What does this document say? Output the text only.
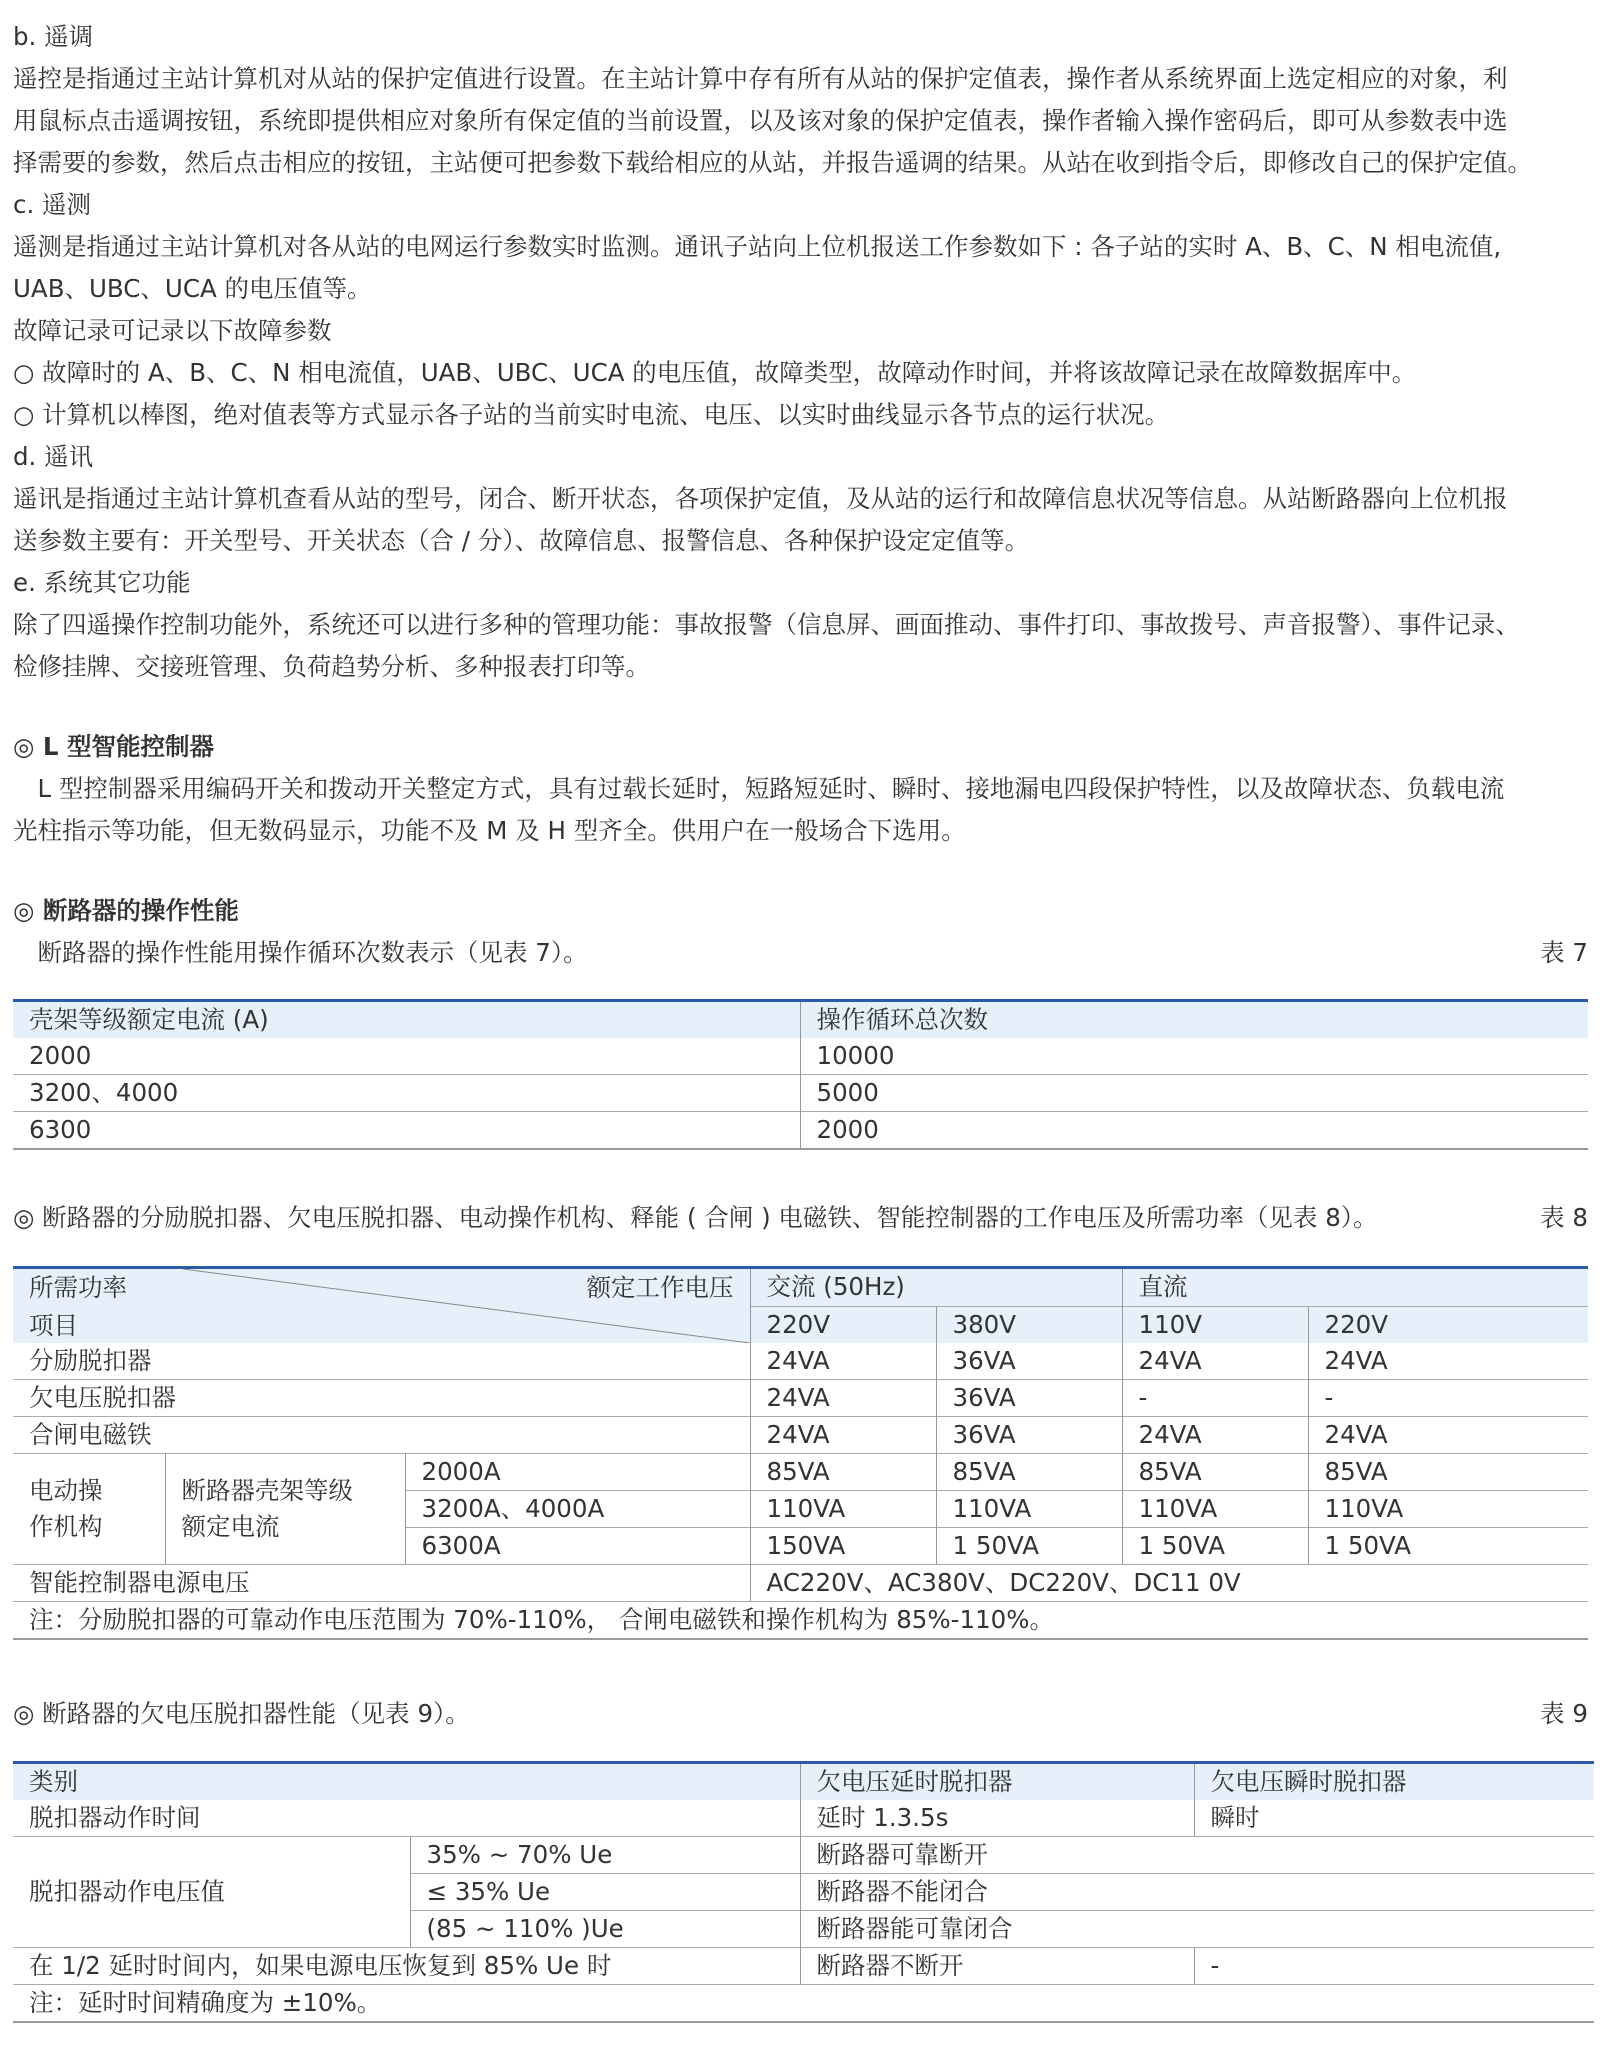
b. 遥调

遥控是指通过主站计算机对从站的保护定值进行设置。在主站计算中存有所有从站的保护定值表，操作者从系统界面上选定相应的对象，利

用鼠标点击遥调按钮，系统即提供相应对象所有保定值的当前设置，以及该对象的保护定值表，操作者输入操作密码后，即可从参数表中选

择需要的参数，然后点击相应的按钮，主站便可把参数下载给相应的从站，并报告遥调的结果。从站在收到指令后，即修改自己的保护定值。

c. 遥测

遥测是指通过主站计算机对各从站的电网运行参数实时监测。通讯子站向上位机报送工作参数如下 : 各子站的实时 A、B、C、N 相电流值,

UAB、UBC、UCA 的电压值等。

故障记录可记录以下故障参数

○ 故障时的 A、B、C、N 相电流值，UAB、UBC、UCA 的电压值，故障类型，故障动作时间，并将该故障记录在故障数据库中。

○ 计算机以棒图，绝对值表等方式显示各子站的当前实时电流、电压、以实时曲线显示各节点的运行状况。

d. 遥讯

遥讯是指通过主站计算机查看从站的型号，闭合、断开状态，各项保护定值，及从站的运行和故障信息状况等信息。从站断路器向上位机报

送参数主要有：开关型号、开关状态（合 / 分）、故障信息、报警信息、各种保护设定定值等。

e. 系统其它功能

除了四遥操作控制功能外，系统还可以进行多种的管理功能：事故报警（信息屏、画面推动、事件打印、事故拨号、声音报警）、事件记录、

检修挂牌、交接班管理、负荷趋势分析、多种报表打印等。

◎ L 型智能控制器

　L 型控制器采用编码开关和拨动开关整定方式，具有过载长延时，短路短延时、瞬时、接地漏电四段保护特性，以及故障状态、负载电流

光柱指示等功能，但无数码显示，功能不及 M 及 H 型齐全。供用户在一般场合下选用。

◎ 断路器的操作性能

　断路器的操作性能用操作循环次数表示（见表 7）。	表 7
壳架等级额定电流 (A)	操作循环总次数
2000	10000
3200、4000	5000
6300	2000
◎ 断路器的分励脱扣器、欠电压脱扣器、电动操作机构、释能 ( 合闸 ) 电磁铁、智能控制器的工作电压及所需功率（见表 8）。	表 8
所需功率 额定工作电压
项目			交流 (50Hz)		直流	
			220V	380V	110V	220V
分励脱扣器			24VA	36VA	24VA	24VA
欠电压脱扣器			24VA	36VA	-	-
合闸电磁铁			24VA	36VA	24VA	24VA
电动操
作机构	断路器壳架等级
额定电流	2000A	85VA	85VA	85VA	85VA
		3200A、4000A	110VA	110VA	110VA	110VA
		6300A	150VA	1 50VA	1 50VA	1 50VA
智能控制器电源电压			AC220V、AC380V、DC220V、DC11 0V			
注：分励脱扣器的可靠动作电压范围为 70%-110%， 合闸电磁铁和操作机构为 85%-110%。						
◎ 断路器的欠电压脱扣器性能（见表 9）。	表 9
类别		欠电压延时脱扣器	欠电压瞬时脱扣器
脱扣器动作时间		延时 1.3.5s	瞬时
脱扣器动作电压值	35% ~ 70% Ue	断路器可靠断开	
	≤ 35% Ue	断路器不能闭合	
	(85 ~ 110% )Ue	断路器能可靠闭合	
在 1/2 延时时间内，如果电源电压恢复到 85% Ue 时		断路器不断开	-
注：延时时间精确度为 ±10%。			
